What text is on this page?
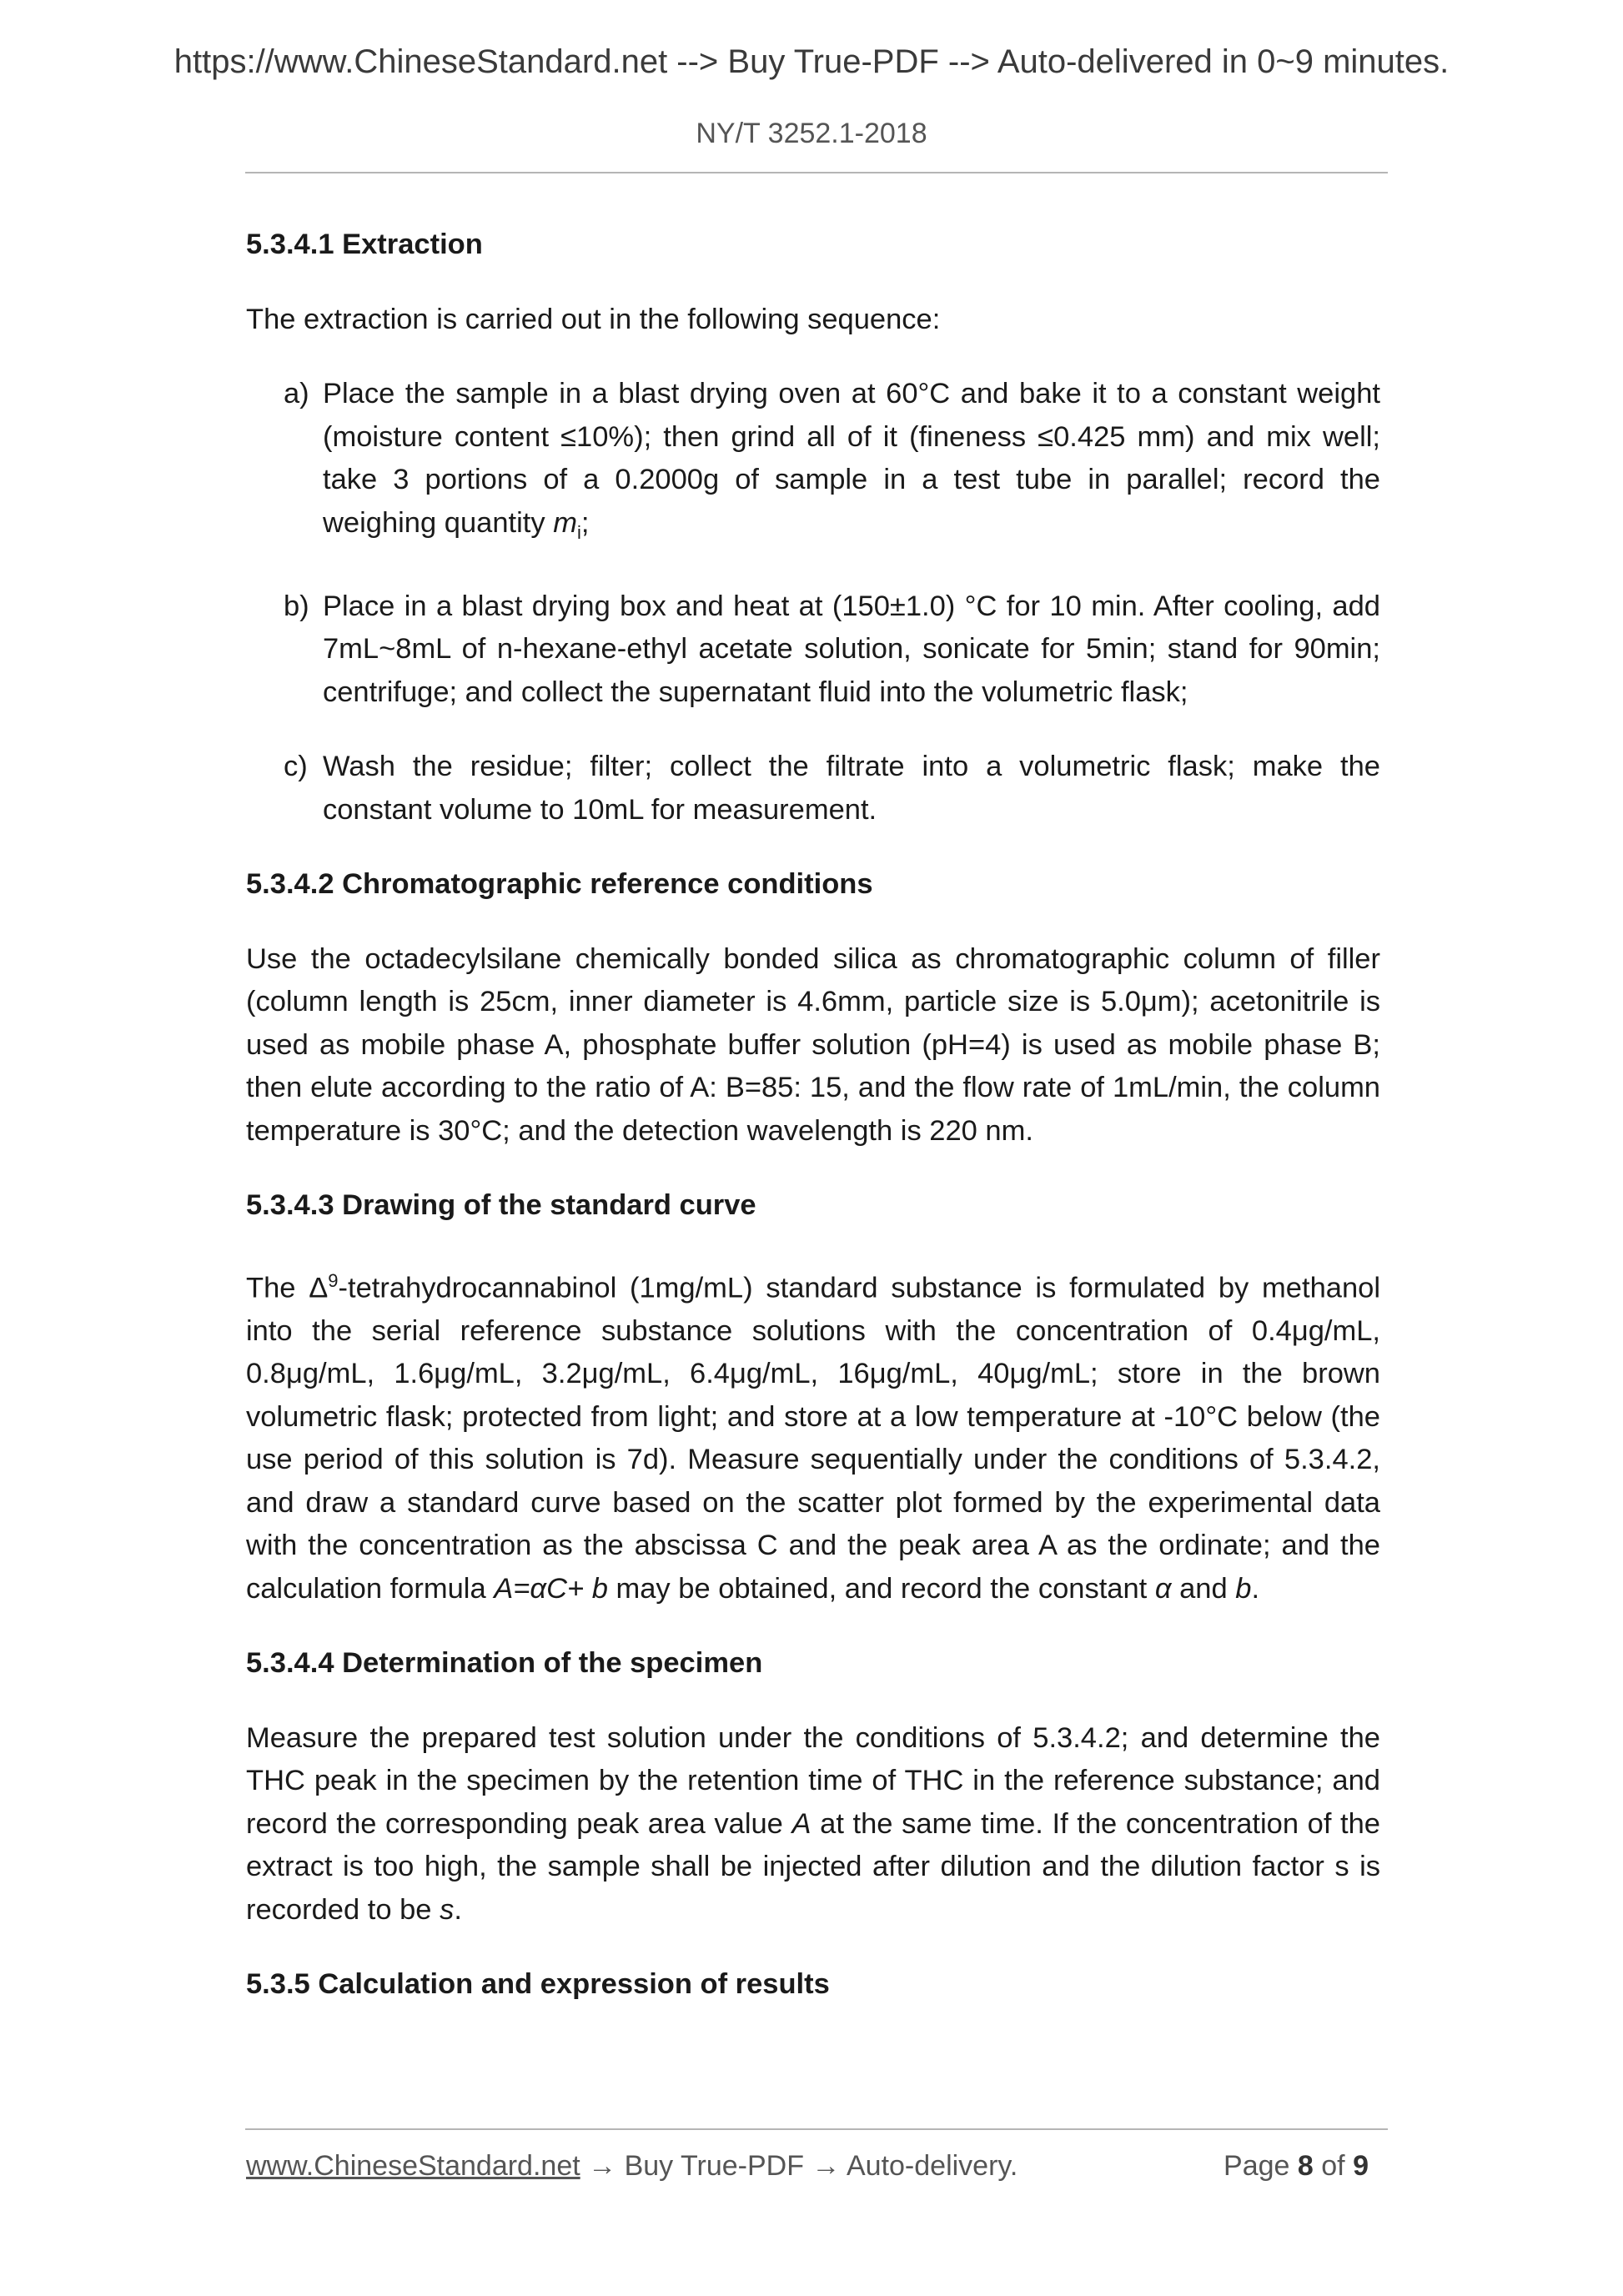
https://www.ChineseStandard.net --> Buy True-PDF --> Auto-delivered in 0~9 minutes.
NY/T 3252.1-2018
5.3.4.1 Extraction

The extraction is carried out in the following sequence:

a) Place the sample in a blast drying oven at 60°C and bake it to a constant weight (moisture content ≤10%); then grind all of it (fineness ≤0.425 mm) and mix well; take 3 portions of a 0.2000g of sample in a test tube in parallel; record the weighing quantity $m_i$;
b) Place in a blast drying box and heat at (150±1.0) °C for 10 min. After cooling, add 7mL~8mL of n-hexane-ethyl acetate solution, sonicate for 5min; stand for 90min; centrifuge; and collect the supernatant fluid into the volumetric flask;
c) Wash the residue; filter; collect the filtrate into a volumetric flask; make the constant volume to 10mL for measurement.
5.3.4.2 Chromatographic reference conditions

Use the octadecylsilane chemically bonded silica as chromatographic column of filler (column length is 25cm, inner diameter is 4.6mm, particle size is 5.0μm); acetonitrile is used as mobile phase A, phosphate buffer solution (pH=4) is used as mobile phase B; then elute according to the ratio of A: B=85: 15, and the flow rate of 1mL/min, the column temperature is 30°C; and the detection wavelength is 220 nm.

5.3.4.3 Drawing of the standard curve

The $\Delta^9$-tetrahydrocannabinol (1mg/mL) standard substance is formulated by methanol into the serial reference substance solutions with the concentration of 0.4μg/mL, 0.8μg/mL, 1.6μg/mL, 3.2μg/mL, 6.4μg/mL, 16μg/mL, 40μg/mL; store in the brown volumetric flask; protected from light; and store at a low temperature at -10°C below (the use period of this solution is 7d). Measure sequentially under the conditions of 5.3.4.2, and draw a standard curve based on the scatter plot formed by the experimental data with the concentration as the abscissa C and the peak area A as the ordinate; and the calculation formula A=αC+ b may be obtained, and record the constant α and b.

5.3.4.4 Determination of the specimen

Measure the prepared test solution under the conditions of 5.3.4.2; and determine the THC peak in the specimen by the retention time of THC in the reference substance; and record the corresponding peak area value A at the same time. If the concentration of the extract is too high, the sample shall be injected after dilution and the dilution factor s is recorded to be s.

5.3.5 Calculation and expression of results
www.ChineseStandard.net → Buy True-PDF → Auto-delivery.	Page 8 of 9
